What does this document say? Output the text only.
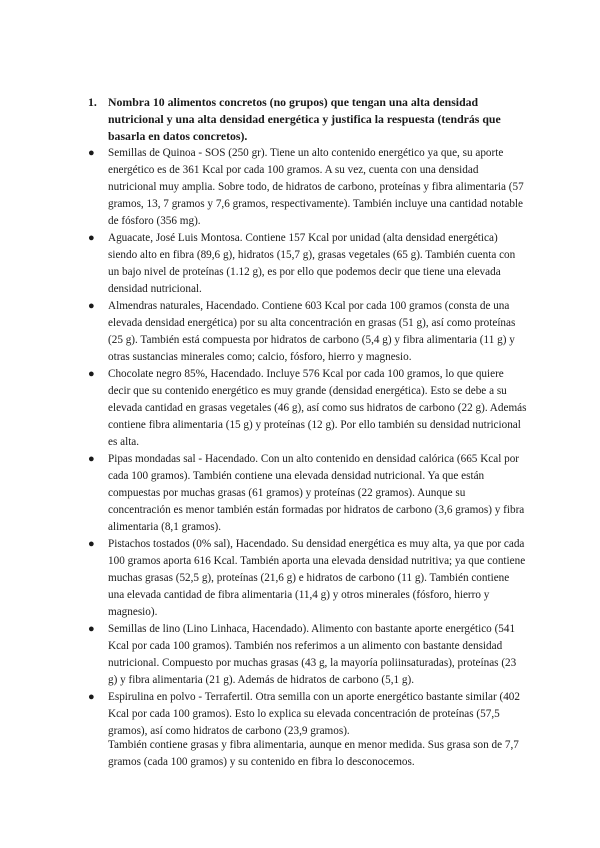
1. Nombra 10 alimentos concretos (no grupos) que tengan una alta densidad nutricional y una alta densidad energética y justifica la respuesta (tendrás que basarla en datos concretos).
●	Semillas de Quinoa - SOS (250 gr). Tiene un alto contenido energético ya que, su aporte energético es de 361 Kcal por cada 100 gramos. A su vez, cuenta con una densidad nutricional muy amplia. Sobre todo, de hidratos de carbono, proteínas y fibra alimentaria (57 gramos, 13, 7 gramos y 7,6 gramos, respectivamente). También incluye una cantidad notable de fósforo (356 mg).
●	Aguacate, José Luis Montosa. Contiene 157 Kcal por unidad (alta densidad energética) siendo alto en fibra (89,6 g), hidratos (15,7 g), grasas vegetales (65 g). También cuenta con un bajo nivel de proteínas (1.12 g), es por ello que podemos decir que tiene una elevada densidad nutricional.
●	Almendras naturales, Hacendado. Contiene 603 Kcal por cada 100 gramos (consta de una elevada densidad energética) por su alta concentración en grasas (51 g), así como proteínas (25 g). También está compuesta por hidratos de carbono (5,4 g) y fibra alimentaria (11 g) y otras sustancias minerales como; calcio, fósforo, hierro y magnesio.
●	Chocolate negro 85%, Hacendado. Incluye 576 Kcal por cada 100 gramos, lo que quiere decir que su contenido energético es muy grande (densidad energética). Esto se debe a su elevada cantidad en grasas vegetales (46 g), así como sus hidratos de carbono (22 g). Además contiene fibra alimentaria (15 g) y proteínas (12 g). Por ello también su densidad nutricional es alta.
●	Pipas mondadas sal - Hacendado. Con un alto contenido en densidad calórica (665 Kcal por cada 100 gramos). También contiene una elevada densidad nutricional. Ya que están compuestas por muchas grasas (61 gramos) y proteínas (22 gramos). Aunque su concentración es menor también están formadas por hidratos de carbono (3,6 gramos) y fibra alimentaria (8,1 gramos).
●	Pistachos tostados (0% sal), Hacendado. Su densidad energética es muy alta, ya que por cada 100 gramos aporta 616 Kcal. También aporta una elevada densidad nutritiva; ya que contiene muchas grasas (52,5 g), proteínas (21,6 g) e hidratos de carbono (11 g). También contiene una elevada cantidad de fibra alimentaria (11,4 g) y otros minerales (fósforo, hierro y magnesio).
●	Semillas de lino (Lino Linhaca, Hacendado). Alimento con bastante aporte energético (541 Kcal por cada 100 gramos). También nos referimos a un alimento con bastante densidad nutricional. Compuesto por muchas grasas (43 g, la mayoría poliinsaturadas), proteínas (23 g) y fibra alimentaria (21 g). Además de hidratos de carbono (5,1 g).
●	Espirulina en polvo - Terrafertil. Otra semilla con un aporte energético bastante similar (402 Kcal por cada 100 gramos). Esto lo explica su elevada concentración de proteínas (57,5 gramos), así como hidratos de carbono (23,9 gramos).

También contiene grasas y fibra alimentaria, aunque en menor medida. Sus grasa son de 7,7 gramos (cada 100 gramos) y su contenido en fibra lo desconocemos.
